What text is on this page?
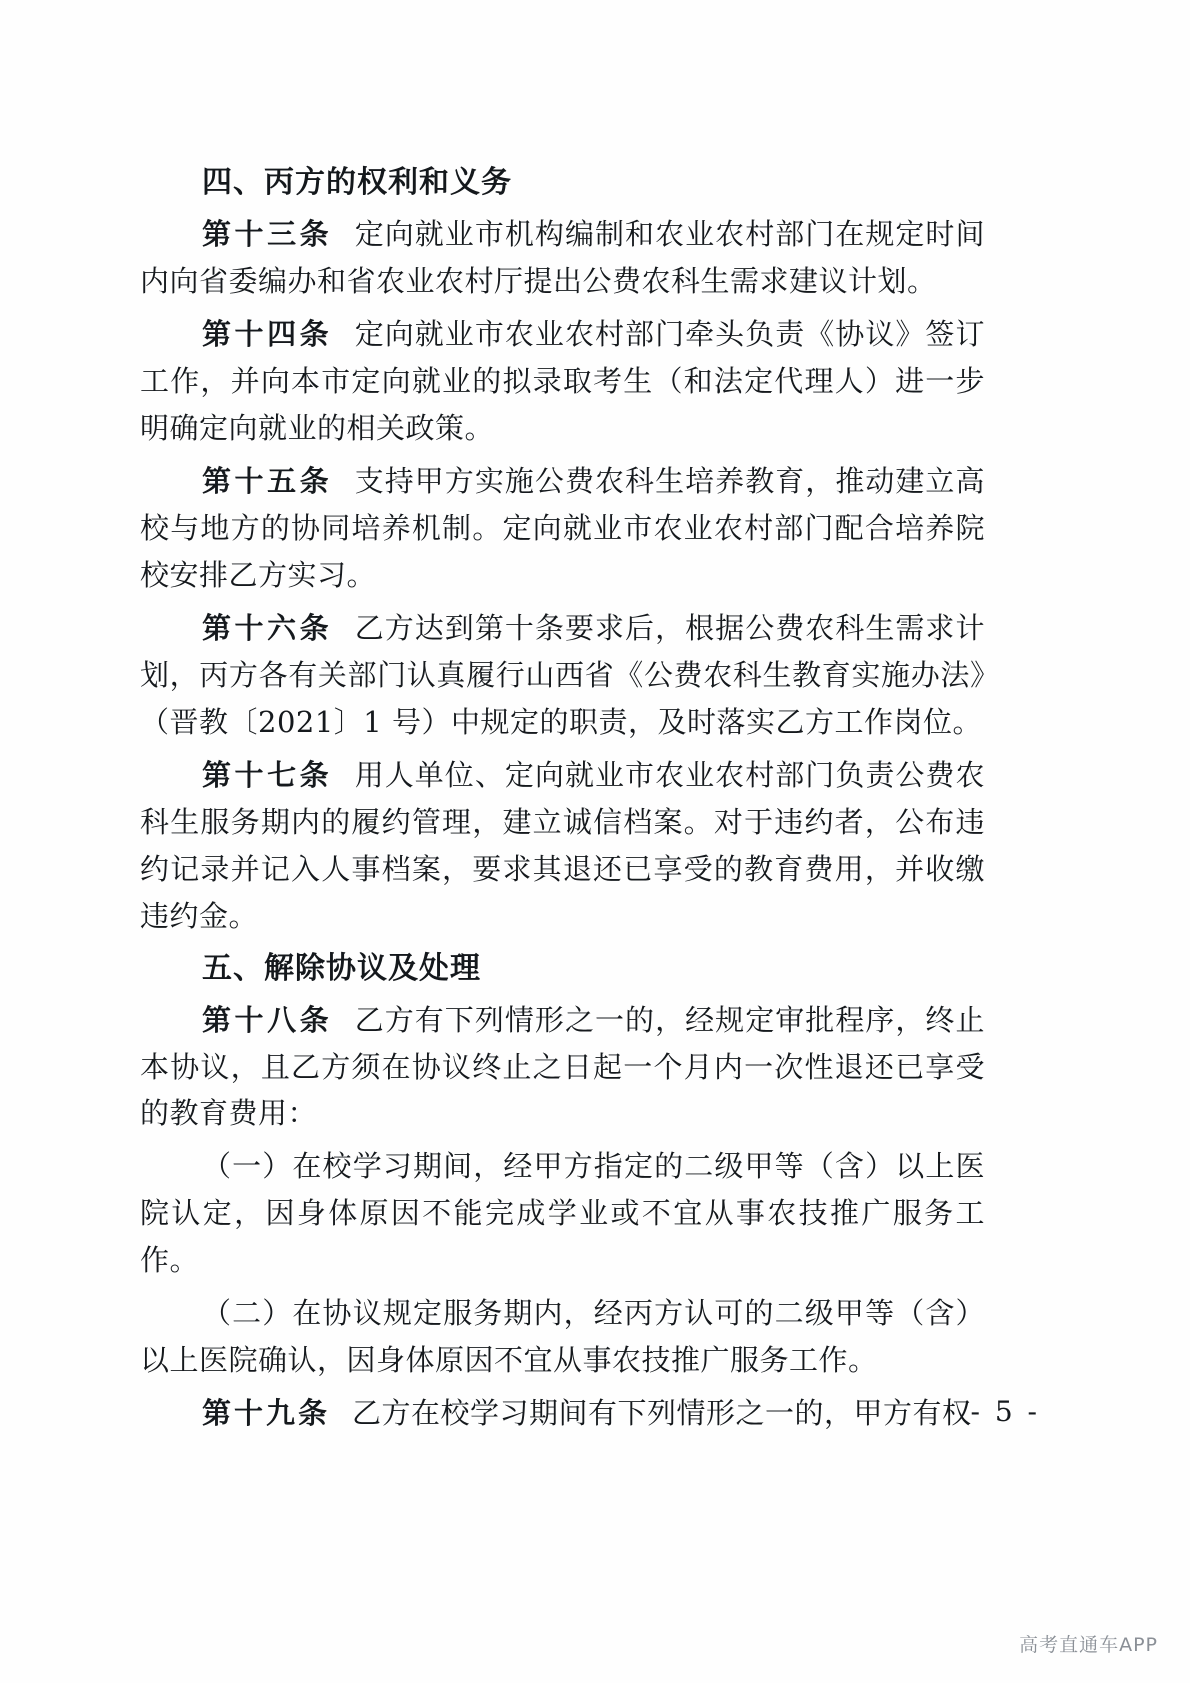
四、丙方的权利和义务

第十三条 定向就业市机构编制和农业农村部门在规定时间内向省委编办和省农业农村厅提出公费农科生需求建议计划。

第十四条 定向就业市农业农村部门牵头负责《协议》签订工作，并向本市定向就业的拟录取考生（和法定代理人）进一步明确定向就业的相关政策。

第十五条 支持甲方实施公费农科生培养教育，推动建立高校与地方的协同培养机制。定向就业市农业农村部门配合培养院校安排乙方实习。

第十六条 乙方达到第十条要求后，根据公费农科生需求计划，丙方各有关部门认真履行山西省《公费农科生教育实施办法》（晋教〔2021〕1 号）中规定的职责，及时落实乙方工作岗位。

第十七条 用人单位、定向就业市农业农村部门负责公费农科生服务期内的履约管理，建立诚信档案。对于违约者，公布违约记录并记入人事档案，要求其退还已享受的教育费用，并收缴违约金。

五、解除协议及处理

第十八条 乙方有下列情形之一的，经规定审批程序，终止本协议，且乙方须在协议终止之日起一个月内一次性退还已享受的教育费用：

（一）在校学习期间，经甲方指定的二级甲等（含）以上医院认定，因身体原因不能完成学业或不宜从事农技推广服务工作。

（二）在协议规定服务期内，经丙方认可的二级甲等（含）以上医院确认，因身体原因不宜从事农技推广服务工作。

第十九条 乙方在校学习期间有下列情形之一的，甲方有权

- 5 -
高考直通车APP
